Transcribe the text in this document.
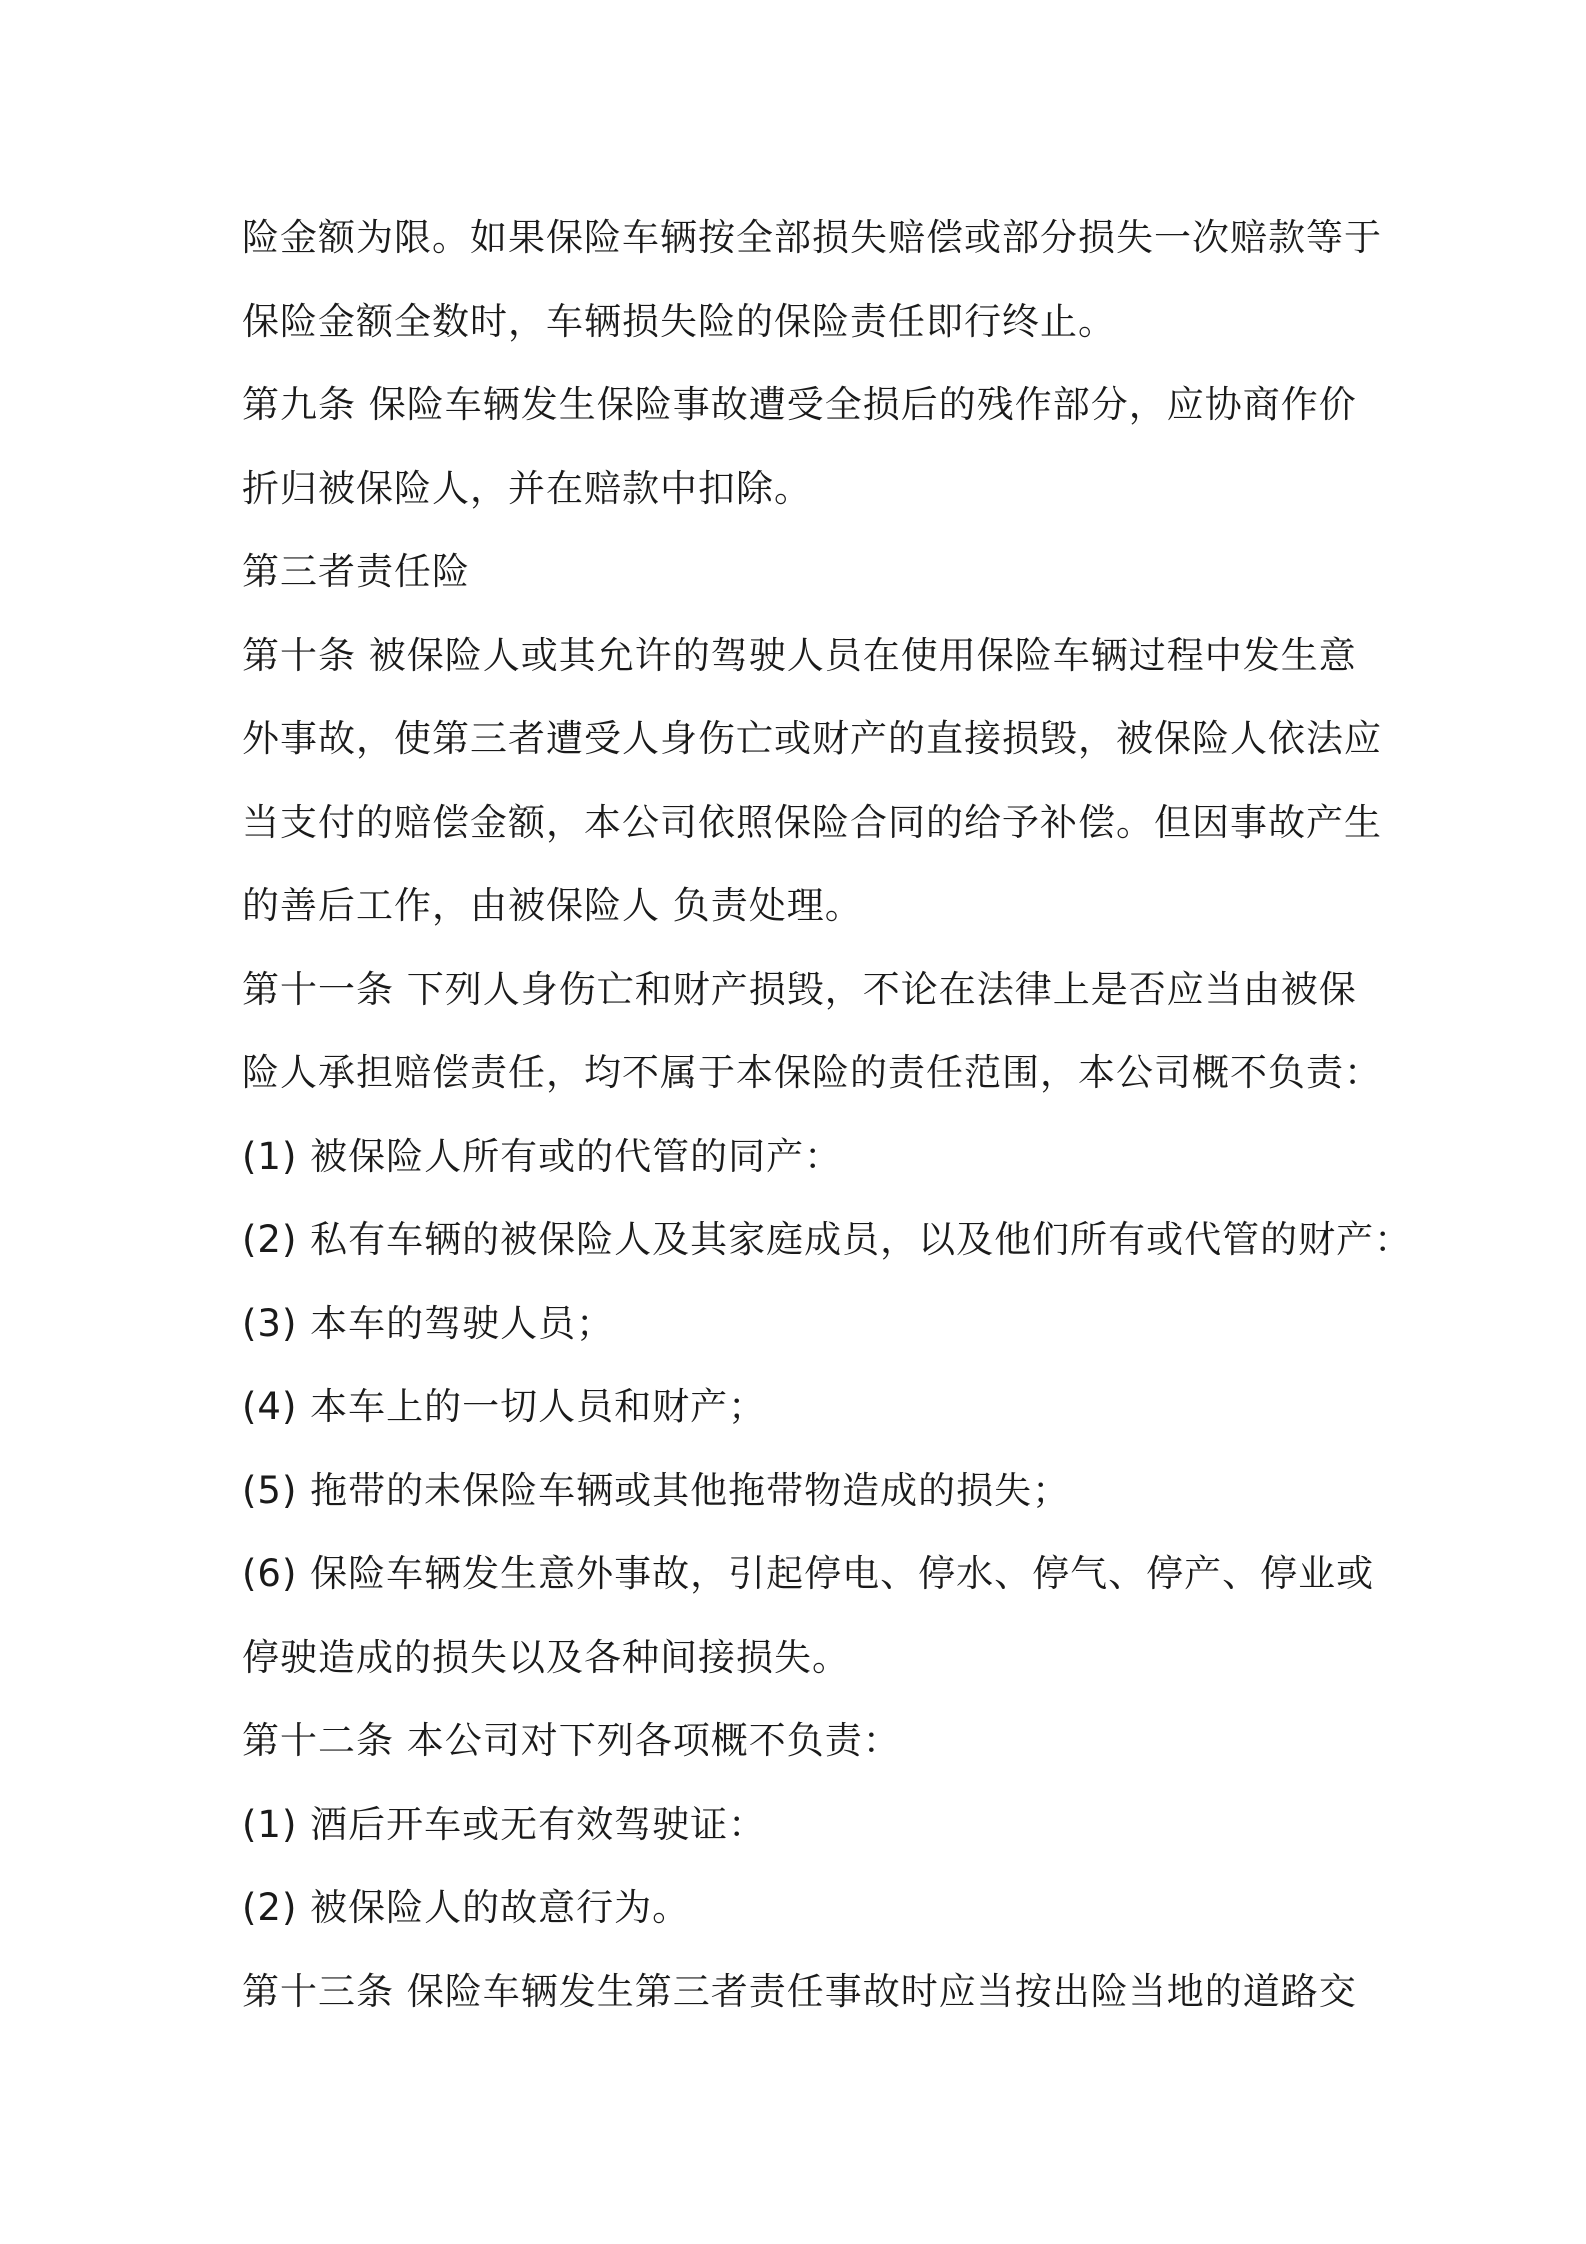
险金额为限。如果保险车辆按全部损失赔偿或部分损失一次赔款等于
保险金额全数时，车辆损失险的保险责任即行终止。
第九条 保险车辆发生保险事故遭受全损后的残作部分，应协商作价
折归被保险人，并在赔款中扣除。
第三者责任险
第十条 被保险人或其允许的驾驶人员在使用保险车辆过程中发生意
外事故，使第三者遭受人身伤亡或财产的直接损毁，被保险人依法应
当支付的赔偿金额，本公司依照保险合同的给予补偿。但因事故产生
的善后工作，由被保险人 负责处理。
第十一条 下列人身伤亡和财产损毁，不论在法律上是否应当由被保
险人承担赔偿责任，均不属于本保险的责任范围，本公司概不负责：
(1) 被保险人所有或的代管的同产：
(2) 私有车辆的被保险人及其家庭成员，以及他们所有或代管的财产：
(3) 本车的驾驶人员；
(4) 本车上的一切人员和财产；
(5) 拖带的未保险车辆或其他拖带物造成的损失；
(6) 保险车辆发生意外事故，引起停电、停水、停气、停产、停业或
停驶造成的损失以及各种间接损失。
第十二条 本公司对下列各项概不负责：
(1) 酒后开车或无有效驾驶证：
(2) 被保险人的故意行为。
第十三条 保险车辆发生第三者责任事故时应当按出险当地的道路交
